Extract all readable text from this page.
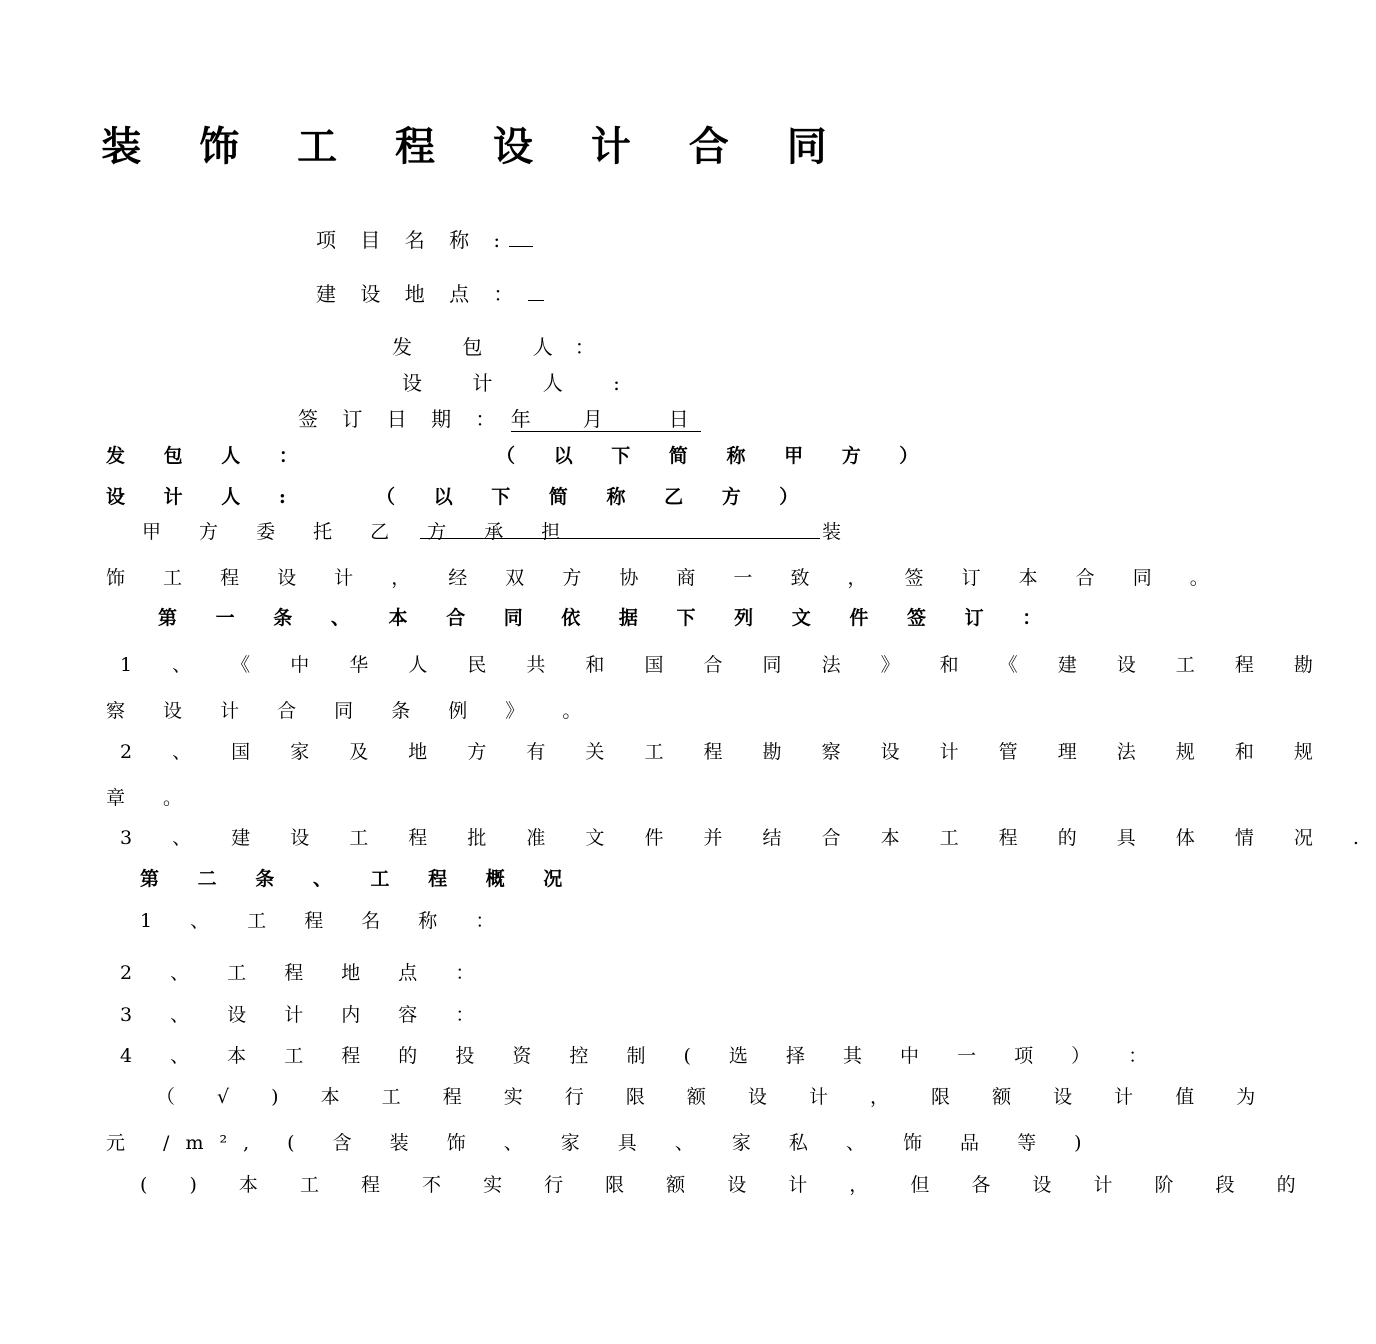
装 饰 工 程 设 计 合 同
项 目 名 称 :
建 设 地 点 ：
发 包 人：
设 计 人 :
签 订 日 期 ： 年	月	日
发 包 人 ：	（ 以 下 简 称 甲 方 ）
设 计 人 :	（ 以 下 简 称 乙 方 ）
甲 方 委 托 乙 方 承 担	装
饰 工 程 设 计 ， 经 双 方 协 商 一 致 ， 签 订 本 合 同 。
第 一 条 、 本 合 同 依 据 下 列 文 件 签 订 ：
1 、 《 中 华 人 民 共 和 国 合 同 法 》 和 《 建 设 工 程 勘
察 设 计 合 同 条 例 》 。
2 、 国 家 及 地 方 有 关 工 程 勘 察 设 计 管 理 法 规 和 规
章 。
3 、 建 设 工 程 批 准 文 件 并 结 合 本 工 程 的 具 体 情 况 .
第 二 条 、 工 程 概 况
1 、 工 程 名 称 ：
2 、 工 程 地 点 ：
3 、 设 计 内 容 ：
4 、 本 工 程 的 投 资 控 制 ( 选 择 其 中 一 项 ） ：
（ √ ) 本 工 程 实 行 限 额 设 计 ， 限 额 设 计 值 为
元 /m², ( 含 装 饰 、 家 具 、 家 私 、 饰 品 等 )
( ) 本 工 程 不 实 行 限 额 设 计 ， 但 各 设 计 阶 段 的
